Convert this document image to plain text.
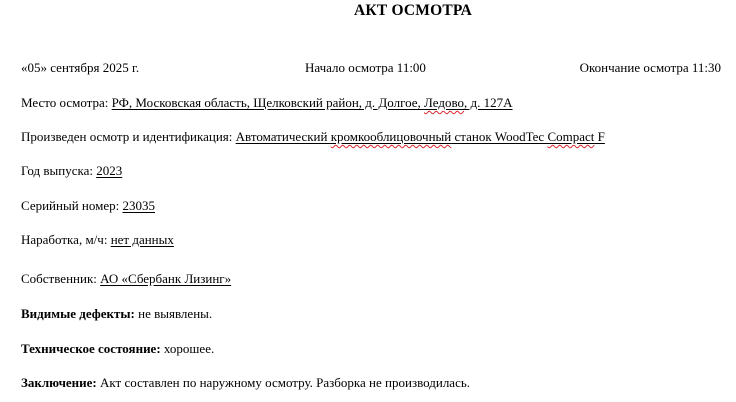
АКТ ОСМОТРА
«05» сентября 2025 г.	Начало осмотра 11:00	Окончание осмотра 11:30
Место осмотра: РФ, Московская область, Щелковский район, д. Долгое, Ледово, д. 127А
Произведен осмотр и идентификация: Автоматический кромкооблицовочный станок WoodTec Compact F
Год выпуска: 2023
Серийный номер: 23035
Наработка, м/ч: нет данных
Собственник: АО «Сбербанк Лизинг»
Видимые дефекты: не выявлены.
Техническое состояние: хорошее.
Заключение: Акт составлен по наружному осмотру. Разборка не производилась.
